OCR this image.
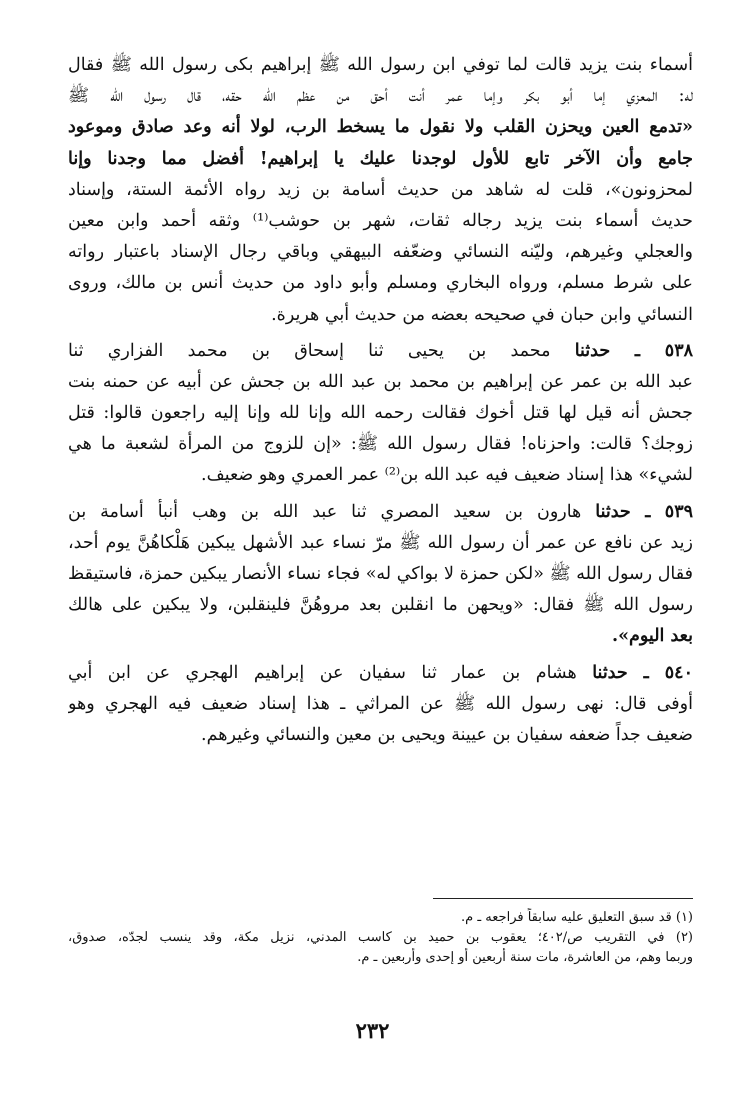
أسماء بنت يزيد قالت لما توفي ابن رسول الله ﷺ إبراهيم بكى رسول الله ﷺ فقال
له: المعزي إما أبو بكر وإما عمر أنت أحق من عظم الله حقه، قال رسول الله ﷺ
«تدمع العين ويحزن القلب ولا نقول ما يسخط الرب، لولا أنه وعد صادق وموعود
جامع وأن الآخر تابع للأول لوجدنا عليك يا إبراهيم! أفضل مما وجدنا وإنا
لمحزونون»، قلت له شاهد من حديث أسامة بن زيد رواه الأئمة الستة، وإسناد
حديث أسماء بنت يزيد رجاله ثقات، شهر بن حوشب⁽¹⁾ وثقه أحمد وابن معين
والعجلي وغيرهم، وليّنه النسائي وضعّفه البيهقي وباقي رجال الإسناد باعتبار رواته
على شرط مسلم، ورواه البخاري ومسلم وأبو داود من حديث أنس بن مالك، وروى
النسائي وابن حبان في صحيحه بعضه من حديث أبي هريرة.
٥٣٨ ـ حدثنا محمد بن يحيى ثنا إسحاق بن محمد الفزاري ثنا
عبد الله بن عمر عن إبراهيم بن محمد بن عبد الله بن جحش عن أبيه عن حمنه بنت
جحش أنه قيل لها قتل أخوك فقالت رحمه الله وإنا لله وإنا إليه راجعون قالوا: قتل
زوجك؟ قالت: واحزناه! فقال رسول الله ﷺ: «إن للزوج من المرأة لشعبة ما هي
لشيء» هذا إسناد ضعيف فيه عبد الله بن⁽²⁾ عمر العمري وهو ضعيف.
٥٣٩ ـ حدثنا هارون بن سعيد المصري ثنا عبد الله بن وهب أنبأ أسامة بن
زيد عن نافع عن عمر أن رسول الله ﷺ مرّ نساء عبد الأشهل يبكين هَلْكاهُنَّ يوم أحد،
فقال رسول الله ﷺ «لكن حمزة لا بواكي له» فجاء نساء الأنصار يبكين حمزة، فاستيقظ
رسول الله ﷺ فقال: «ويحهن ما انقلبن بعد مروهُنَّ فلينقلبن، ولا يبكين على هالك
بعد اليوم».
٥٤٠ ـ حدثنا هشام بن عمار ثنا سفيان عن إبراهيم الهجري عن ابن أبي
أوفى قال: نهى رسول الله ﷺ عن المراثي ـ هذا إسناد ضعيف فيه الهجري وهو
ضعيف جداً ضعفه سفيان بن عيينة ويحيى بن معين والنسائي وغيرهم.
(١) قد سبق التعليق عليه سابقاً فراجعه ـ م.
(٢) في التقريب ص/٤٠٢؛ يعقوب بن حميد بن كاسب المدني، نزيل مكة، وقد ينسب لجدّه، صدوق،
وربما وهم، من العاشرة، مات سنة أربعين أو إحدى وأربعين ـ م.
٢٣٢
